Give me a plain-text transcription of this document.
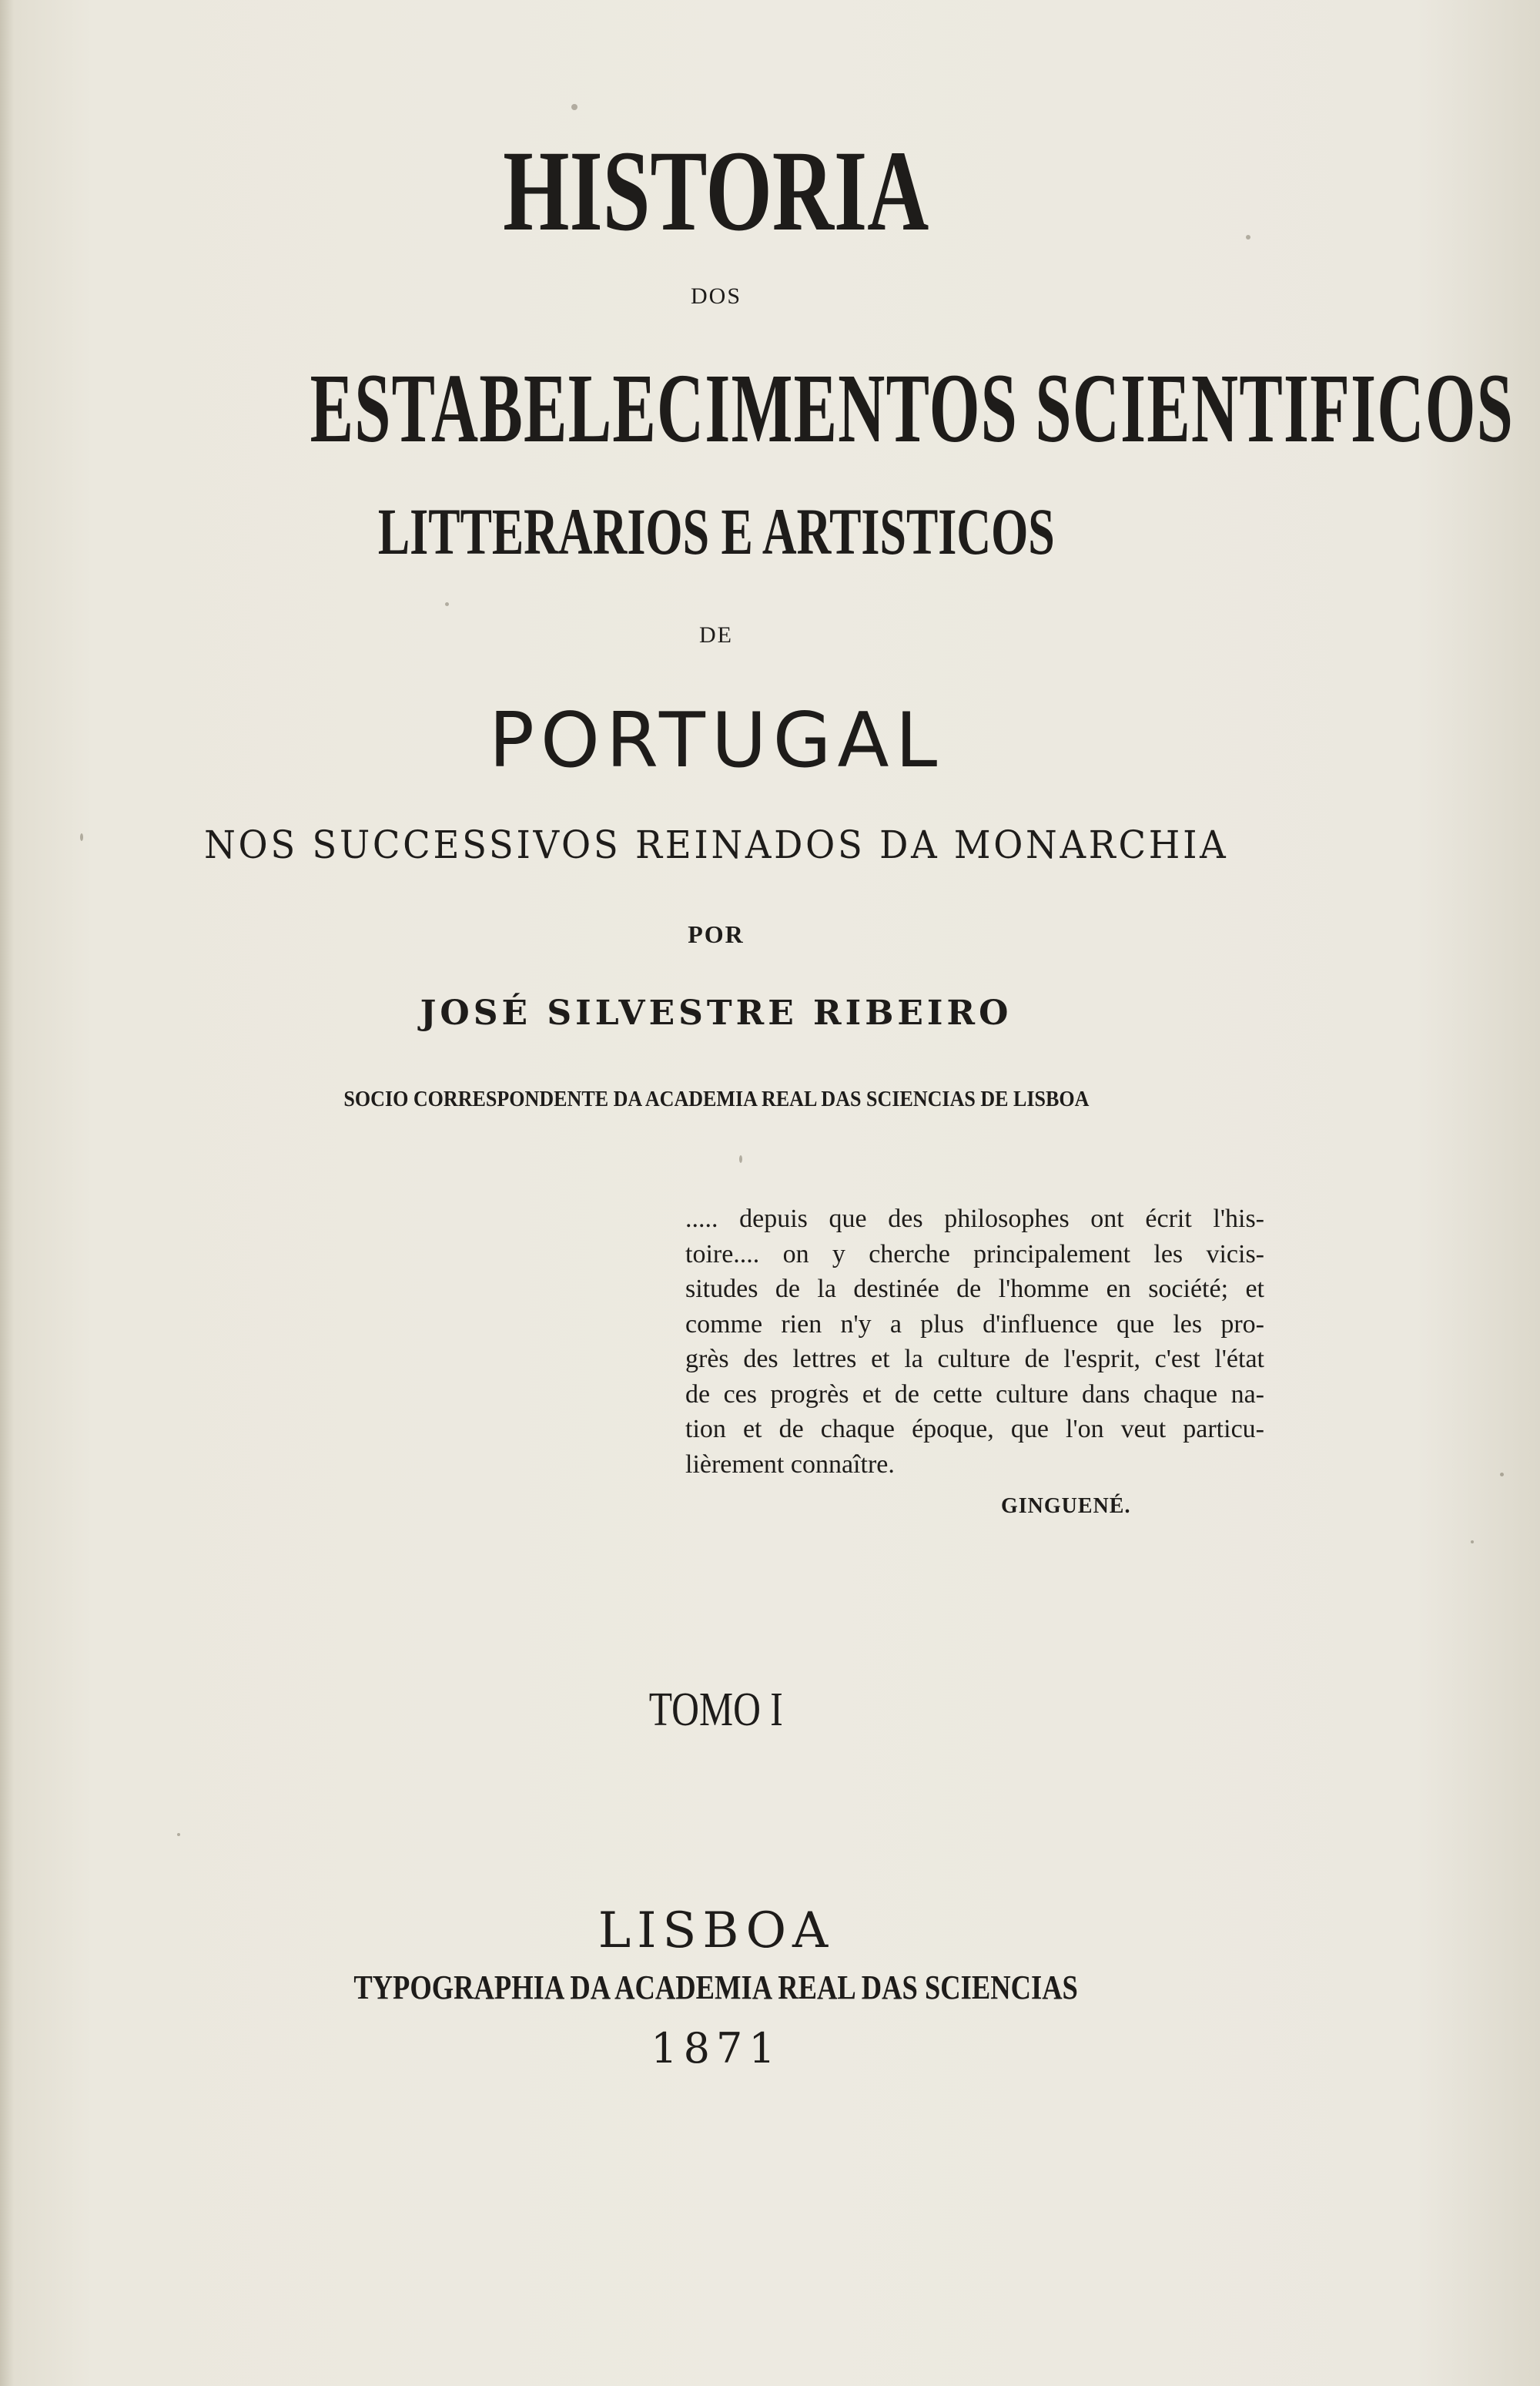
HISTORIA

DOS

ESTABELECIMENTOS SCIENTIFICOS

LITTERARIOS E ARTISTICOS

DE

PORTUGAL

NOS SUCCESSIVOS REINADOS DA MONARCHIA

POR

JOSÉ SILVESTRE RIBEIRO

SOCIO CORRESPONDENTE DA ACADEMIA REAL DAS SCIENCIAS DE LISBOA

..... depuis que des philosophes ont écrit l'his-
toire.... on y cherche principalement les vicis-
situdes de la destinée de l'homme en société; et
comme rien n'y a plus d'influence que les pro-
grès des lettres et la culture de l'esprit, c'est l'état
de ces progrès et de cette culture dans chaque na-
tion et de chaque époque, que l'on veut particu-
lièrement connaître.
GINGUENÉ.

TOMO I

LISBOA

TYPOGRAPHIA DA ACADEMIA REAL DAS SCIENCIAS

1871
